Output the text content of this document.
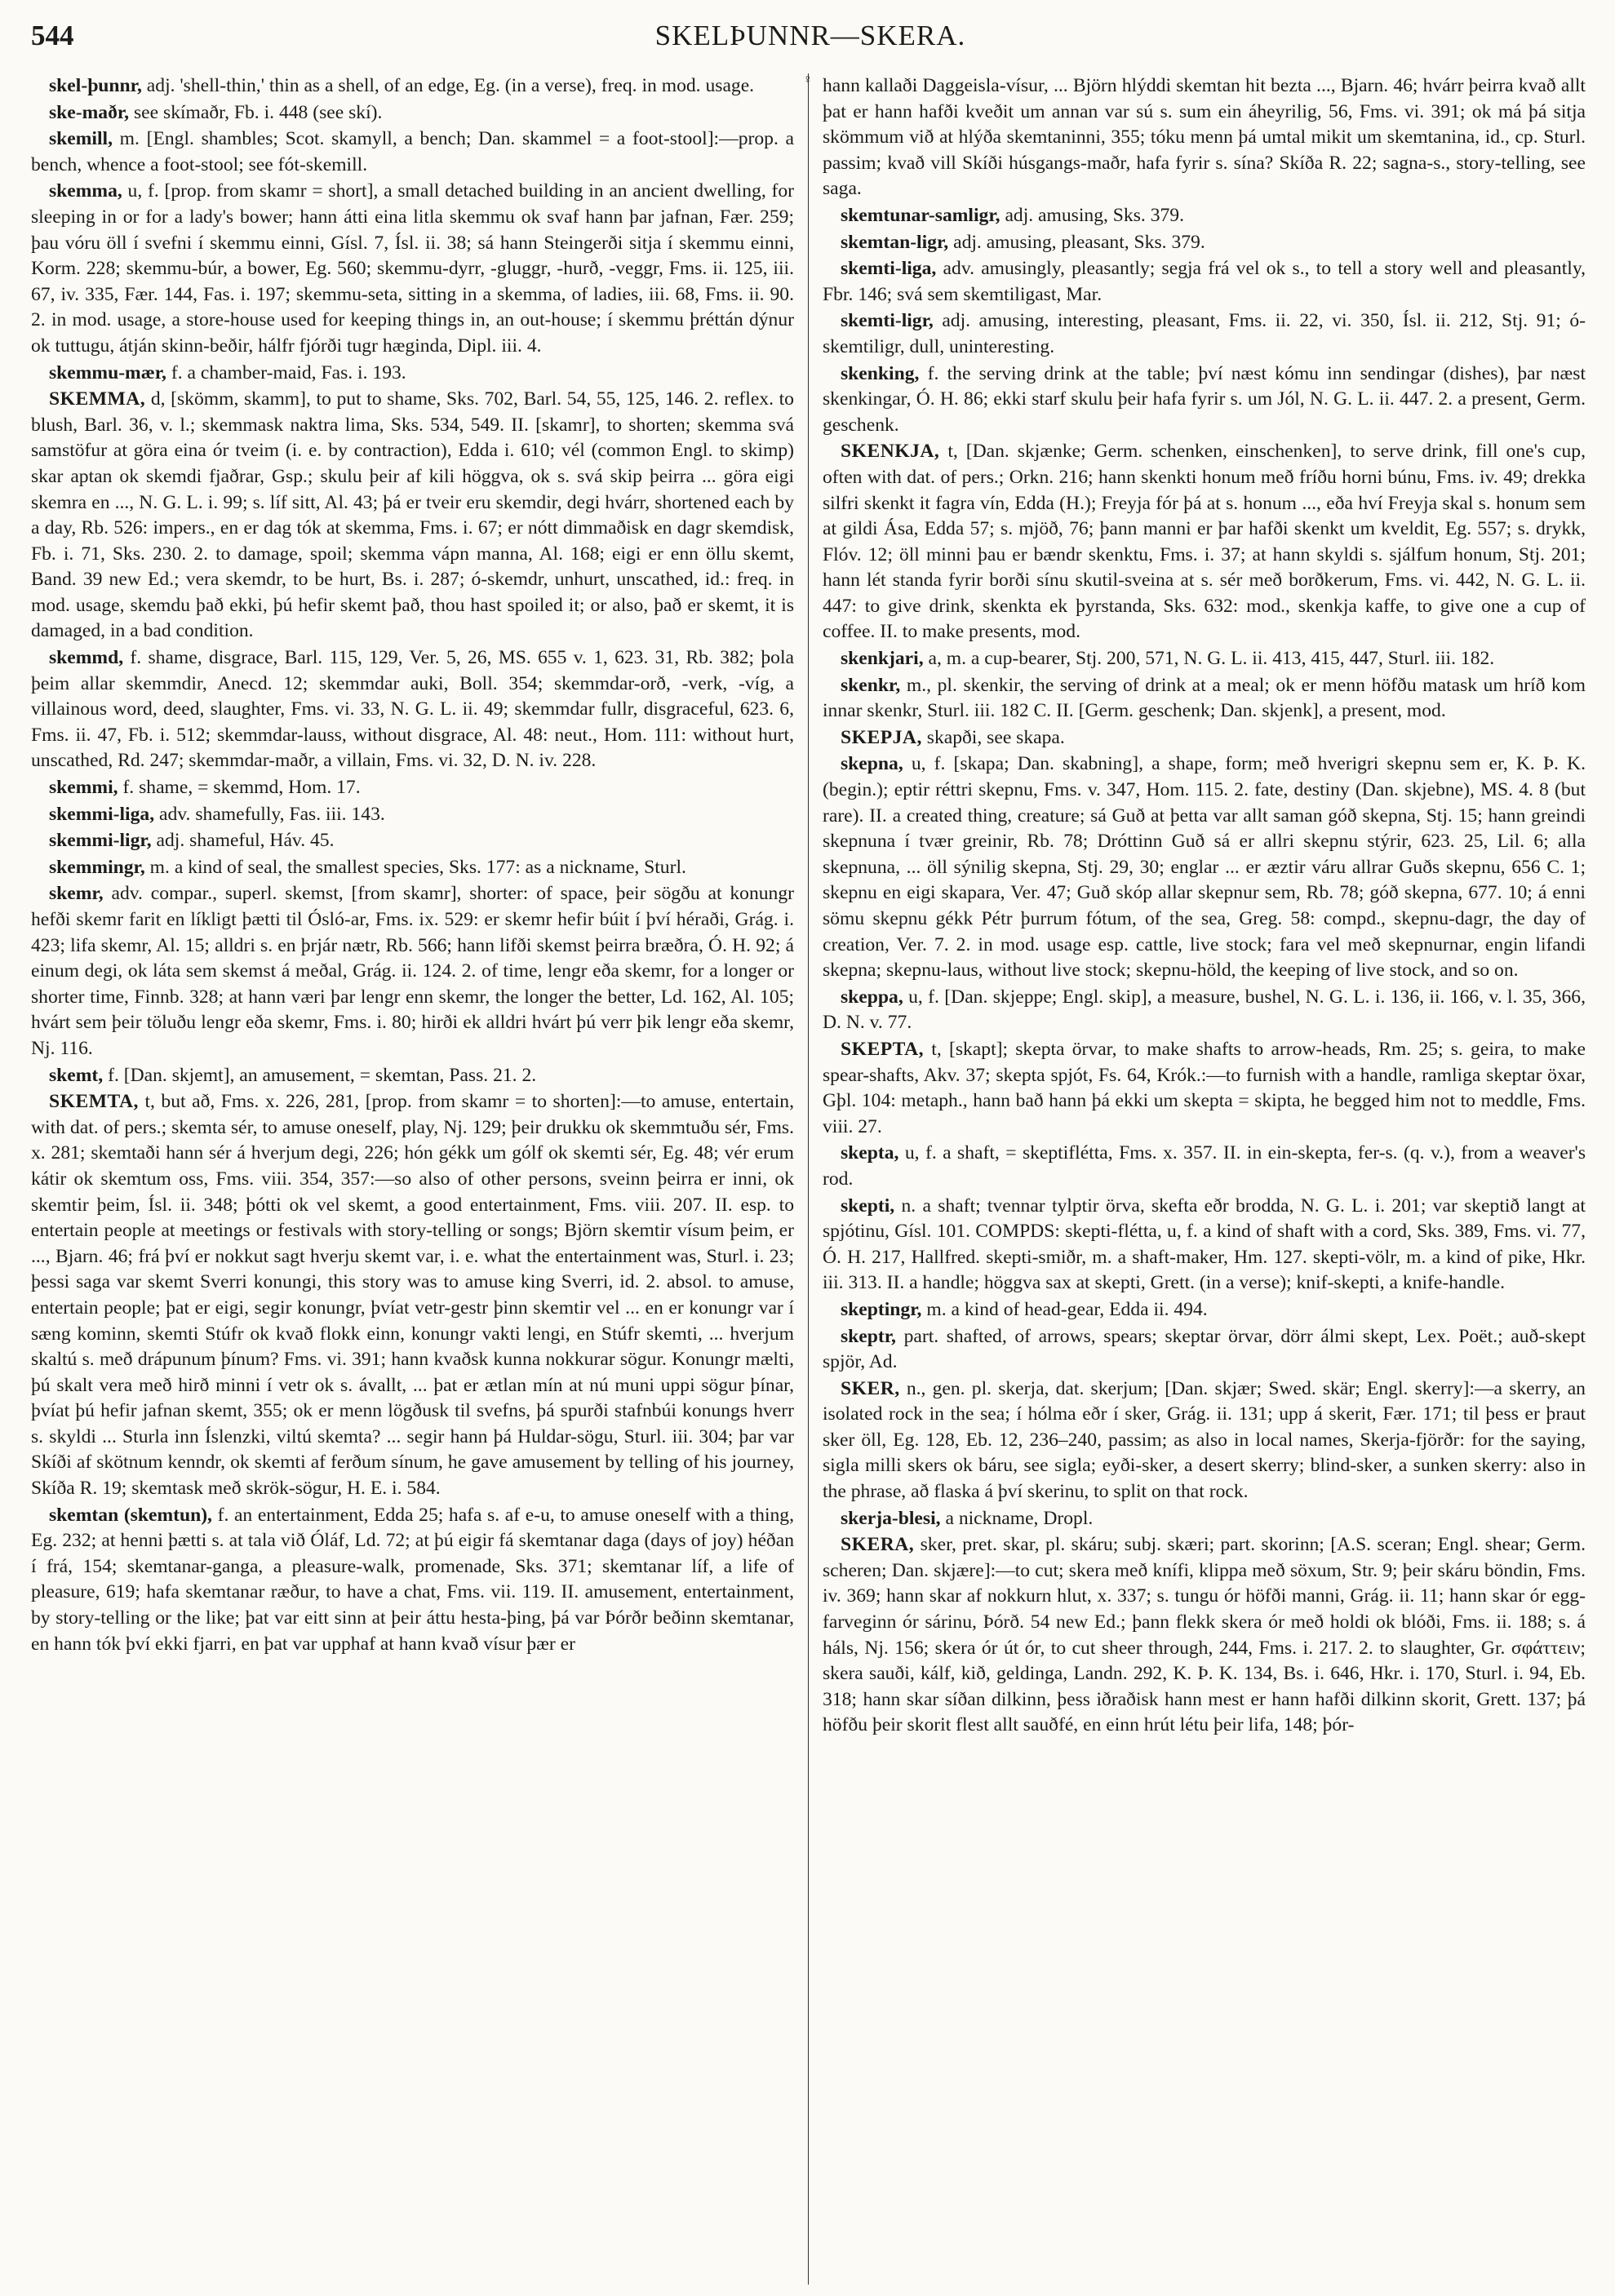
544	SKELÞUNNR—SKERA.

skel-þunnr, adj. 'shell-thin,' thin as a shell, of an edge, Eg. (in a verse), freq. in mod. usage.

ske-maðr, see skímaðr, Fb. i. 448 (see skí).

skemill, m. [Engl. shambles; Scot. skamyll, a bench; Dan. skammel = a foot-stool]:—prop. a bench, whence a foot-stool; see fót-skemill.

skemma, u, f. [prop. from skamr = short], a small detached building in an ancient dwelling, for sleeping in or for a lady's bower; hann átti eina litla skemmu ok svaf hann þar jafnan, Fær. 259; þau vóru öll í svefni í skemmu einni, Gísl. 7, Ísl. ii. 38; sá hann Steingerði sitja í skemmu einni, Korm. 228; skemmu-búr, a bower, Eg. 560; skemmu-dyrr, -gluggr, -hurð, -veggr, Fms. ii. 125, iii. 67, iv. 335, Fær. 144, Fas. i. 197; skemmu-seta, sitting in a skemma, of ladies, iii. 68, Fms. ii. 90. 2. in mod. usage, a store-house used for keeping things in, an out-house; í skemmu þréttán dýnur ok tuttugu, átján skinn-beðir, hálfr fjórði tugr hæginda, Dipl. iii. 4.

skemmu-mær, f. a chamber-maid, Fas. i. 193.

SKEMMA, d, [skömm, skamm], to put to shame, Sks. 702, Barl. 54, 55, 125, 146. 2. reflex. to blush, Barl. 36, v. l.; skemmask naktra lima, Sks. 534, 549. II. [skamr], to shorten; skemma svá samstöfur at göra eina ór tveim (i. e. by contraction), Edda i. 610; vél (common Engl. to skimp) skar aptan ok skemdi fjaðrar, Gsp.; skulu þeir af kili höggva, ok s. svá skip þeirra ... göra eigi skemra en ..., N. G. L. i. 99; s. líf sitt, Al. 43; þá er tveir eru skemdir, degi hvárr, shortened each by a day, Rb. 526: impers., en er dag tók at skemma, Fms. i. 67; er nótt dimmaðisk en dagr skemdisk, Fb. i. 71, Sks. 230. 2. to damage, spoil; skemma vápn manna, Al. 168; eigi er enn öllu skemt, Band. 39 new Ed.; vera skemdr, to be hurt, Bs. i. 287; ó-skemdr, unhurt, unscathed, id.: freq. in mod. usage, skemdu það ekki, þú hefir skemt það, thou hast spoiled it; or also, það er skemt, it is damaged, in a bad condition.

skemmd, f. shame, disgrace, Barl. 115, 129, Ver. 5, 26, MS. 655 v. 1, 623. 31, Rb. 382; þola þeim allar skemmdir, Anecd. 12; skemmdar auki, Boll. 354; skemmdar-orð, -verk, -víg, a villainous word, deed, slaughter, Fms. vi. 33, N. G. L. ii. 49; skemmdar fullr, disgraceful, 623. 6, Fms. ii. 47, Fb. i. 512; skemmdar-lauss, without disgrace, Al. 48: neut., Hom. 111: without hurt, unscathed, Rd. 247; skemmdar-maðr, a villain, Fms. vi. 32, D. N. iv. 228.

skemmi, f. shame, = skemmd, Hom. 17.

skemmi-liga, adv. shamefully, Fas. iii. 143.

skemmi-ligr, adj. shameful, Háv. 45.

skemmingr, m. a kind of seal, the smallest species, Sks. 177: as a nickname, Sturl.

skemr, adv. compar., superl. skemst, [from skamr], shorter: of space, þeir sögðu at konungr hefði skemr farit en líkligt þætti til Ósló-ar, Fms. ix. 529: er skemr hefir búit í því héraði, Grág. i. 423; lifa skemr, Al. 15; alldri s. en þrjár nætr, Rb. 566; hann lifði skemst þeirra bræðra, Ó. H. 92; á einum degi, ok láta sem skemst á meðal, Grág. ii. 124. 2. of time, lengr eða skemr, for a longer or shorter time, Finnb. 328; at hann væri þar lengr enn skemr, the longer the better, Ld. 162, Al. 105; hvárt sem þeir töluðu lengr eða skemr, Fms. i. 80; hirði ek alldri hvárt þú verr þik lengr eða skemr, Nj. 116.

skemt, f. [Dan. skjemt], an amusement, = skemtan, Pass. 21. 2.

SKEMTA, t, but að, Fms. x. 226, 281, [prop. from skamr = to shorten]:—to amuse, entertain, with dat. of pers.; skemta sér, to amuse oneself, play, Nj. 129; þeir drukku ok skemmtuðu sér, Fms. x. 281; skemtaði hann sér á hverjum degi, 226; hón gékk um gólf ok skemti sér, Eg. 48; vér erum kátir ok skemtum oss, Fms. viii. 354, 357:—so also of other persons, sveinn þeirra er inni, ok skemtir þeim, Ísl. ii. 348; þótti ok vel skemt, a good entertainment, Fms. viii. 207. II. esp. to entertain people at meetings or festivals with story-telling or songs; Björn skemtir vísum þeim, er ..., Bjarn. 46; frá því er nokkut sagt hverju skemt var, i. e. what the entertainment was, Sturl. i. 23; þessi saga var skemt Sverri konungi, this story was to amuse king Sverri, id. 2. absol. to amuse, entertain people; þat er eigi, segir konungr, þvíat vetr-gestr þinn skemtir vel ... en er konungr var í sæng kominn, skemti Stúfr ok kvað flokk einn, konungr vakti lengi, en Stúfr skemti, ... hverjum skaltú s. með drápunum þínum? Fms. vi. 391; hann kvaðsk kunna nokkurar sögur. Konungr mælti, þú skalt vera með hirð minni í vetr ok s. ávallt, ... þat er ætlan mín at nú muni uppi sögur þínar, þvíat þú hefir jafnan skemt, 355; ok er menn lögðusk til svefns, þá spurði stafnbúi konungs hverr s. skyldi ... Sturla inn Íslenzki, viltú skemta? ... segir hann þá Huldar-sögu, Sturl. iii. 304; þar var Skíði af skötnum kenndr, ok skemti af ferðum sínum, he gave amusement by telling of his journey, Skíða R. 19; skemtask með skrök-sögur, H. E. i. 584.

skemtan (skemtun), f. an entertainment, Edda 25; hafa s. af e-u, to amuse oneself with a thing, Eg. 232; at henni þætti s. at tala við Óláf, Ld. 72; at þú eigir fá skemtanar daga (days of joy) héðan í frá, 154; skemtanar-ganga, a pleasure-walk, promenade, Sks. 371; skemtanar líf, a life of pleasure, 619; hafa skemtanar ræður, to have a chat, Fms. vii. 119. II. amusement, entertainment, by story-telling or the like; þat var eitt sinn at þeir áttu hesta-þing, þá var Þórðr beðinn skemtanar, en hann tók því ekki fjarri, en þat var upphaf at hann kvað vísur þær er

♀ hann kallaði Daggeisla-vísur, ... Björn hlýddi skemtan hit bezta ..., Bjarn. 46; hvárr þeirra kvað allt þat er hann hafði kveðit um annan var sú s. sum ein áheyrilig, 56, Fms. vi. 391; ok má þá sitja skömmum við at hlýða skemtaninni, 355; tóku menn þá umtal mikit um skemtanina, id., cp. Sturl. passim; kvað vill Skíði húsgangs-maðr, hafa fyrir s. sína? Skíða R. 22; sagna-s., story-telling, see saga.

skemtunar-samligr, adj. amusing, Sks. 379.

skemtan-ligr, adj. amusing, pleasant, Sks. 379.

skemti-liga, adv. amusingly, pleasantly; segja frá vel ok s., to tell a story well and pleasantly, Fbr. 146; svá sem skemtiligast, Mar.

skemti-ligr, adj. amusing, interesting, pleasant, Fms. ii. 22, vi. 350, Ísl. ii. 212, Stj. 91; ó-skemtiligr, dull, uninteresting.

skenking, f. the serving drink at the table; því næst kómu inn sendingar (dishes), þar næst skenkingar, Ó. H. 86; ekki starf skulu þeir hafa fyrir s. um Jól, N. G. L. ii. 447. 2. a present, Germ. geschenk.

SKENKJA, t, [Dan. skjænke; Germ. schenken, einschenken], to serve drink, fill one's cup, often with dat. of pers.; Orkn. 216; hann skenkti honum með fríðu horni búnu, Fms. iv. 49; drekka silfri skenkt it fagra vín, Edda (H.); Freyja fór þá at s. honum ..., eða hví Freyja skal s. honum sem at gildi Ása, Edda 57; s. mjöð, 76; þann manni er þar hafði skenkt um kveldit, Eg. 557; s. drykk, Flóv. 12; öll minni þau er bændr skenktu, Fms. i. 37; at hann skyldi s. sjálfum honum, Stj. 201; hann lét standa fyrir borði sínu skutil-sveina at s. sér með borðkerum, Fms. vi. 442, N. G. L. ii. 447: to give drink, skenkta ek þyrstanda, Sks. 632: mod., skenkja kaffe, to give one a cup of coffee. II. to make presents, mod.

skenkjari, a, m. a cup-bearer, Stj. 200, 571, N. G. L. ii. 413, 415, 447, Sturl. iii. 182.

skenkr, m., pl. skenkir, the serving of drink at a meal; ok er menn höfðu matask um hríð kom innar skenkr, Sturl. iii. 182 C. II. [Germ. geschenk; Dan. skjenk], a present, mod.

SKEPJA, skapði, see skapa.

skepna, u, f. [skapa; Dan. skabning], a shape, form; með hverigri skepnu sem er, K. Þ. K. (begin.); eptir réttri skepnu, Fms. v. 347, Hom. 115. 2. fate, destiny (Dan. skjebne), MS. 4. 8 (but rare). II. a created thing, creature; sá Guð at þetta var allt saman góð skepna, Stj. 15; hann greindi skepnuna í tvær greinir, Rb. 78; Dróttinn Guð sá er allri skepnu stýrir, 623. 25, Lil. 6; alla skepnuna, ... öll sýnilig skepna, Stj. 29, 30; englar ... er æztir váru allrar Guðs skepnu, 656 C. 1; skepnu en eigi skapara, Ver. 47; Guð skóp allar skepnur sem, Rb. 78; góð skepna, 677. 10; á enni sömu skepnu gékk Pétr þurrum fótum, of the sea, Greg. 58: compd., skepnu-dagr, the day of creation, Ver. 7. 2. in mod. usage esp. cattle, live stock; fara vel með skepnurnar, engin lifandi skepna; skepnu-laus, without live stock; skepnu-höld, the keeping of live stock, and so on.

skeppa, u, f. [Dan. skjeppe; Engl. skip], a measure, bushel, N. G. L. i. 136, ii. 166, v. l. 35, 366, D. N. v. 77.

SKEPTA, t, [skapt]; skepta örvar, to make shafts to arrow-heads, Rm. 25; s. geira, to make spear-shafts, Akv. 37; skepta spjót, Fs. 64, Krók.:—to furnish with a handle, ramliga skeptar öxar, Gþl. 104: metaph., hann bað hann þá ekki um skepta = skipta, he begged him not to meddle, Fms. viii. 27.

skepta, u, f. a shaft, = skeptiflétta, Fms. x. 357. II. in ein-skepta, fer-s. (q. v.), from a weaver's rod.

skepti, n. a shaft; tvennar tylptir örva, skefta eðr brodda, N. G. L. i. 201; var skeptið langt at spjótinu, Gísl. 101. COMPDS: skepti-flétta, u, f. a kind of shaft with a cord, Sks. 389, Fms. vi. 77, Ó. H. 217, Hallfred. skepti-smiðr, m. a shaft-maker, Hm. 127. skepti-völr, m. a kind of pike, Hkr. iii. 313. II. a handle; höggva sax at skepti, Grett. (in a verse); knif-skepti, a knife-handle.

skeptingr, m. a kind of head-gear, Edda ii. 494.

skeptr, part. shafted, of arrows, spears; skeptar örvar, dörr álmi skept, Lex. Poët.; auð-skept spjör, Ad.

SKER, n., gen. pl. skerja, dat. skerjum; [Dan. skjær; Swed. skär; Engl. skerry]:—a skerry, an isolated rock in the sea; í hólma eðr í sker, Grág. ii. 131; upp á skerit, Fær. 171; til þess er þraut sker öll, Eg. 128, Eb. 12, 236–240, passim; as also in local names, Skerja-fjörðr: for the saying, sigla milli skers ok báru, see sigla; eyði-sker, a desert skerry; blind-sker, a sunken skerry: also in the phrase, að flaska á því skerinu, to split on that rock.

skerja-blesi, a nickname, Dropl.

SKERA, sker, pret. skar, pl. skáru; subj. skæri; part. skorinn; [A.S. sceran; Engl. shear; Germ. scheren; Dan. skjære]:—to cut; skera með knífi, klippa með söxum, Str. 9; þeir skáru böndin, Fms. iv. 369; hann skar af nokkurn hlut, x. 337; s. tungu ór höfði manni, Grág. ii. 11; hann skar ór egg-farveginn ór sárinu, Þórð. 54 new Ed.; þann flekk skera ór með holdi ok blóði, Fms. ii. 188; s. á háls, Nj. 156; skera ór út ór, to cut sheer through, 244, Fms. i. 217. 2. to slaughter, Gr. σφάττειν; skera sauði, kálf, kið, geldinga, Landn. 292, K. Þ. K. 134, Bs. i. 646, Hkr. i. 170, Sturl. i. 94, Eb. 318; hann skar síðan dilkinn, þess iðraðisk hann mest er hann hafði dilkinn skorit, Grett. 137; þá höfðu þeir skorit flest allt sauðfé, en einn hrút létu þeir lifa, 148; þór-
